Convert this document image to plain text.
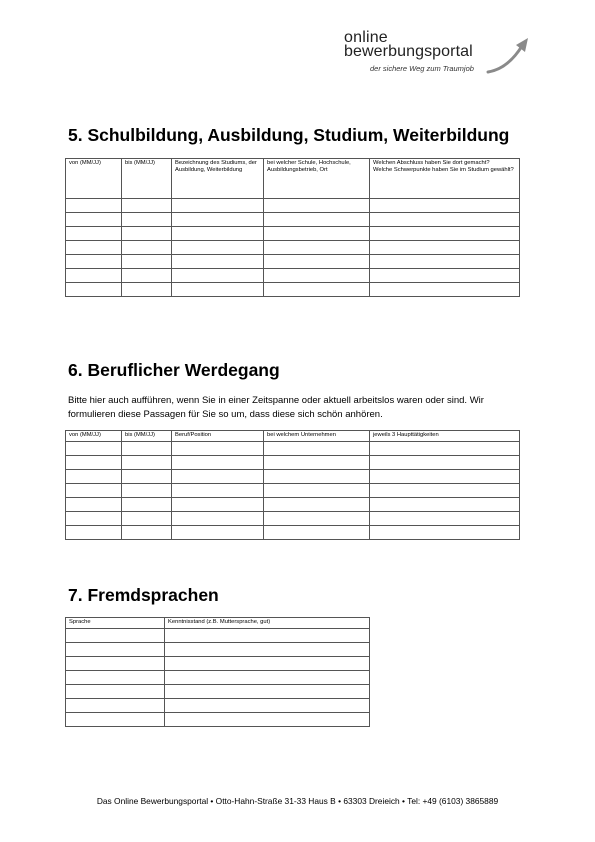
online
bewerbungsportal
der sichere Weg zum Traumjob
5. Schulbildung, Ausbildung, Studium, Weiterbildung
von (MM/JJ)	bis (MM/JJ)	Bezeichnung des Studiums, der Ausbildung, Weiterbildung	bei welcher Schule, Hochschule, Ausbildungsbetrieb, Ort	Welchen Abschluss haben Sie dort gemacht?
Welche Schwerpunkte haben Sie im Studium gewählt?

6. Beruflicher Werdegang

Bitte hier auch aufführen, wenn Sie in einer Zeitspanne oder aktuell arbeitslos waren oder sind. Wir formulieren diese Passagen für Sie so um, dass diese sich schön anhören.

von (MM/JJ)	bis (MM/JJ)	Beruf/Position	bei welchem Unternehmen	jeweils 3 Haupttätigkeiten

7. Fremdsprachen
Sprache	Kenntnisstand (z.B. Muttersprache, gut)

Das Online Bewerbungsportal • Otto-Hahn-Straße 31-33 Haus B • 63303 Dreieich • Tel: +49 (6103) 3865889
